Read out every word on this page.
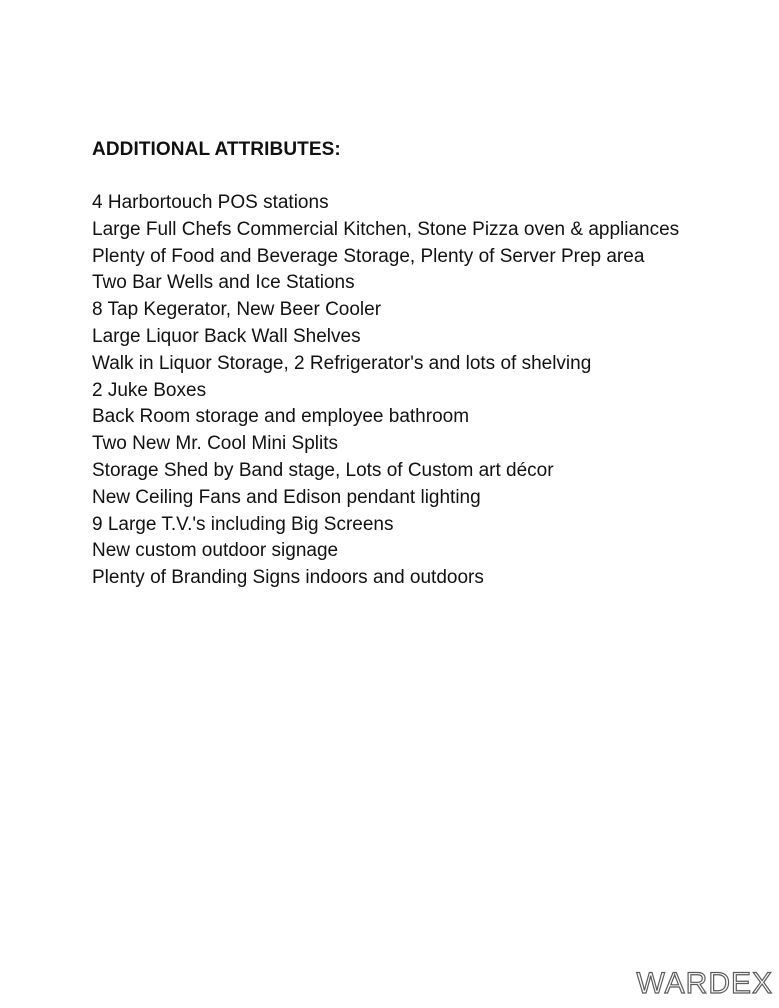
ADDITIONAL ATTRIBUTES:
4 Harbortouch POS stations
Large Full Chefs Commercial Kitchen, Stone Pizza oven & appliances Plenty of Food and Beverage Storage, Plenty of Server Prep area
Two Bar Wells and Ice Stations
8 Tap Kegerator, New Beer Cooler
Large Liquor Back Wall Shelves
Walk in Liquor Storage, 2 Refrigerator's and lots of shelving
2 Juke Boxes
Back Room storage and employee bathroom
Two New Mr. Cool Mini Splits
Storage Shed by Band stage, Lots of Custom art décor
New Ceiling Fans and Edison pendant lighting
9 Large T.V.'s including Big Screens
New custom outdoor signage
Plenty of Branding Signs indoors and outdoors
WARDEX
